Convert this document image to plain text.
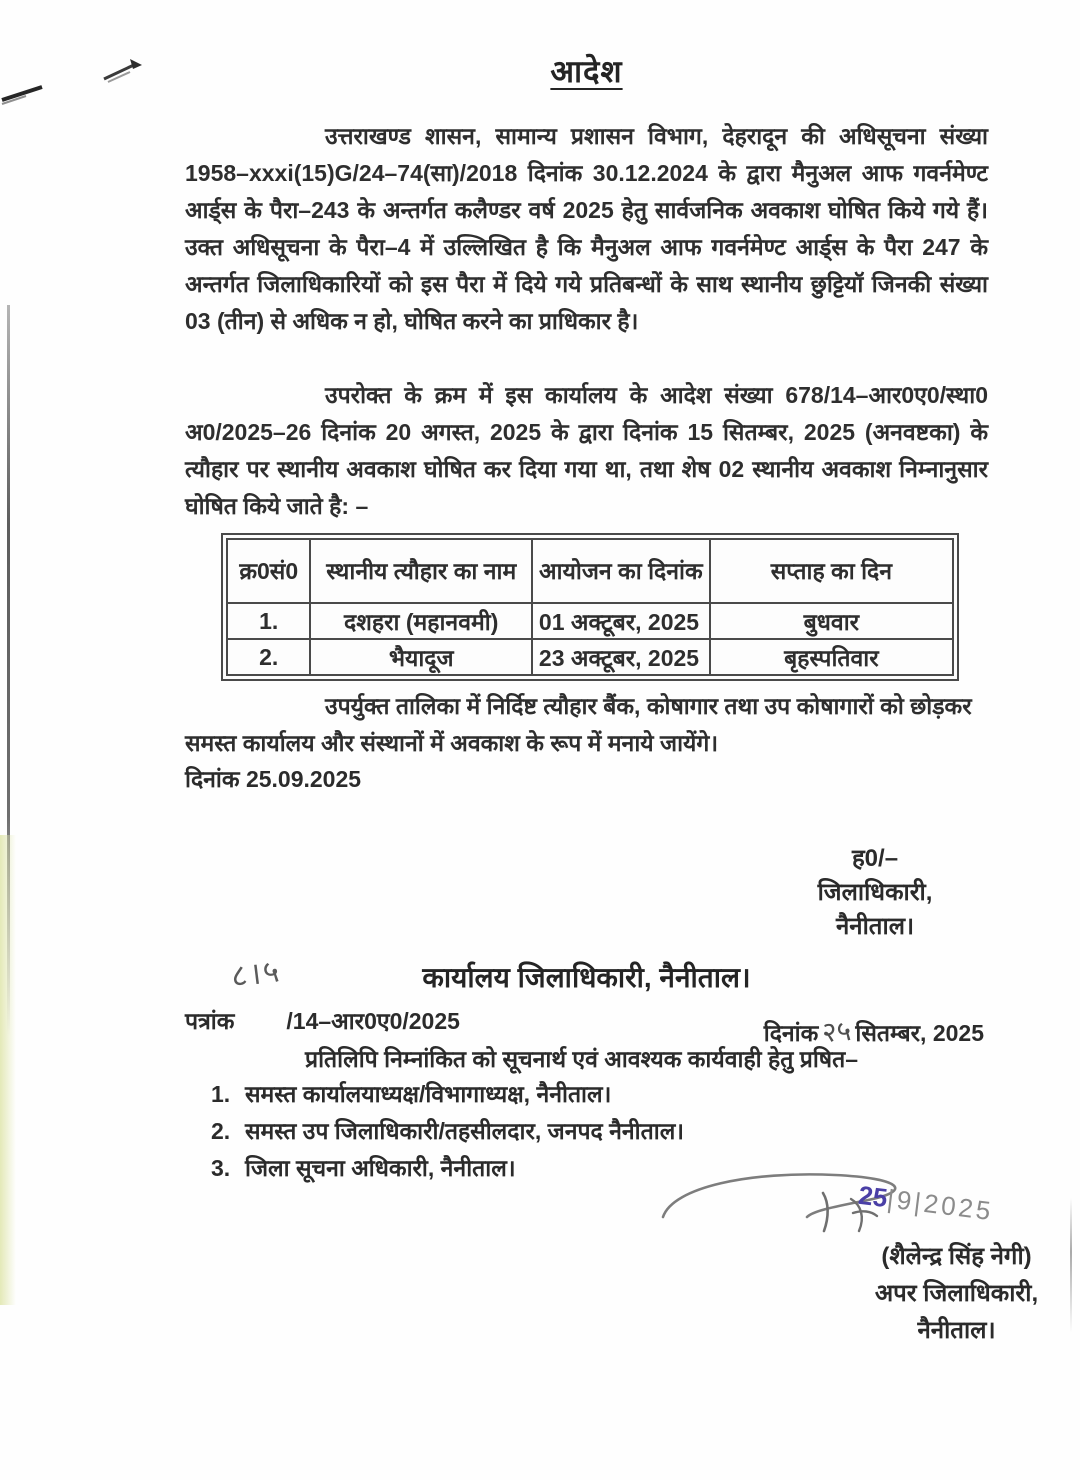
आदेश

उत्तराखण्ड शासन, सामान्य प्रशासन विभाग, देहरादून की अधिसूचना संख्या 1958–xxxi(15)G/24–74(सा)/2018 दिनांक 30.12.2024 के द्वारा मैनुअल आफ गवर्नमेण्ट आर्ड्स के पैरा–243 के अन्तर्गत कलैण्डर वर्ष 2025 हेतु सार्वजनिक अवकाश घोषित किये गये हैं। उक्त अधिसूचना के पैरा–4 में उल्लिखित है कि मैनुअल आफ गवर्नमेण्ट आर्ड्स के पैरा 247 के अन्तर्गत जिलाधिकारियों को इस पैरा में दिये गये प्रतिबन्धों के साथ स्थानीय छुट्टियॉ जिनकी संख्या 03 (तीन) से अधिक न हो, घोषित करने का प्राधिकार है।

उपरोक्त के क्रम में इस कार्यालय के आदेश संख्या 678/14–आर0ए0/स्था0 अ0/2025–26 दिनांक 20 अगस्त, 2025 के द्वारा दिनांक 15 सितम्बर, 2025 (अनवष्टका) के त्यौहार पर स्थानीय अवकाश घोषित कर दिया गया था, तथा शेष 02 स्थानीय अवकाश निम्नानुसार घोषित किये जाते है: –

क्र0सं0	स्थानीय त्यौहार का नाम	आयोजन का दिनांक	सप्ताह का दिन
1.	दशहरा (महानवमी)	01 अक्टूबर, 2025	बुधवार
2.	भैयादूज	23 अक्टूबर, 2025	बृहस्पतिवार

उपर्युक्त तालिका में निर्दिष्ट त्यौहार बैंक, कोषागार तथा उप कोषागारों को छोड़कर समस्त कार्यालय और संस्थानों में अवकाश के रूप में मनाये जायेंगे।

दिनांक 25.09.2025
ह0/–
जिलाधिकारी,
नैनीताल।
कार्यालय जिलाधिकारी, नैनीताल।
८।५
पत्रांक /14–आर0ए0/2025	दिनांक २५ सितम्बर, 2025
प्रतिलिपि निम्नांकित को सूचनार्थ एवं आवश्यक कार्यवाही हेतु प्रषित–
1. समस्त कार्यालयाध्यक्ष/विभागाध्यक्ष, नैनीताल।
2. समस्त उप जिलाधिकारी/तहसीलदार, जनपद नैनीताल।
3. जिला सूचना अधिकारी, नैनीताल।
25|9|2025
(शैलेन्द्र सिंह नेगी)
अपर जिलाधिकारी,
नैनीताल।
